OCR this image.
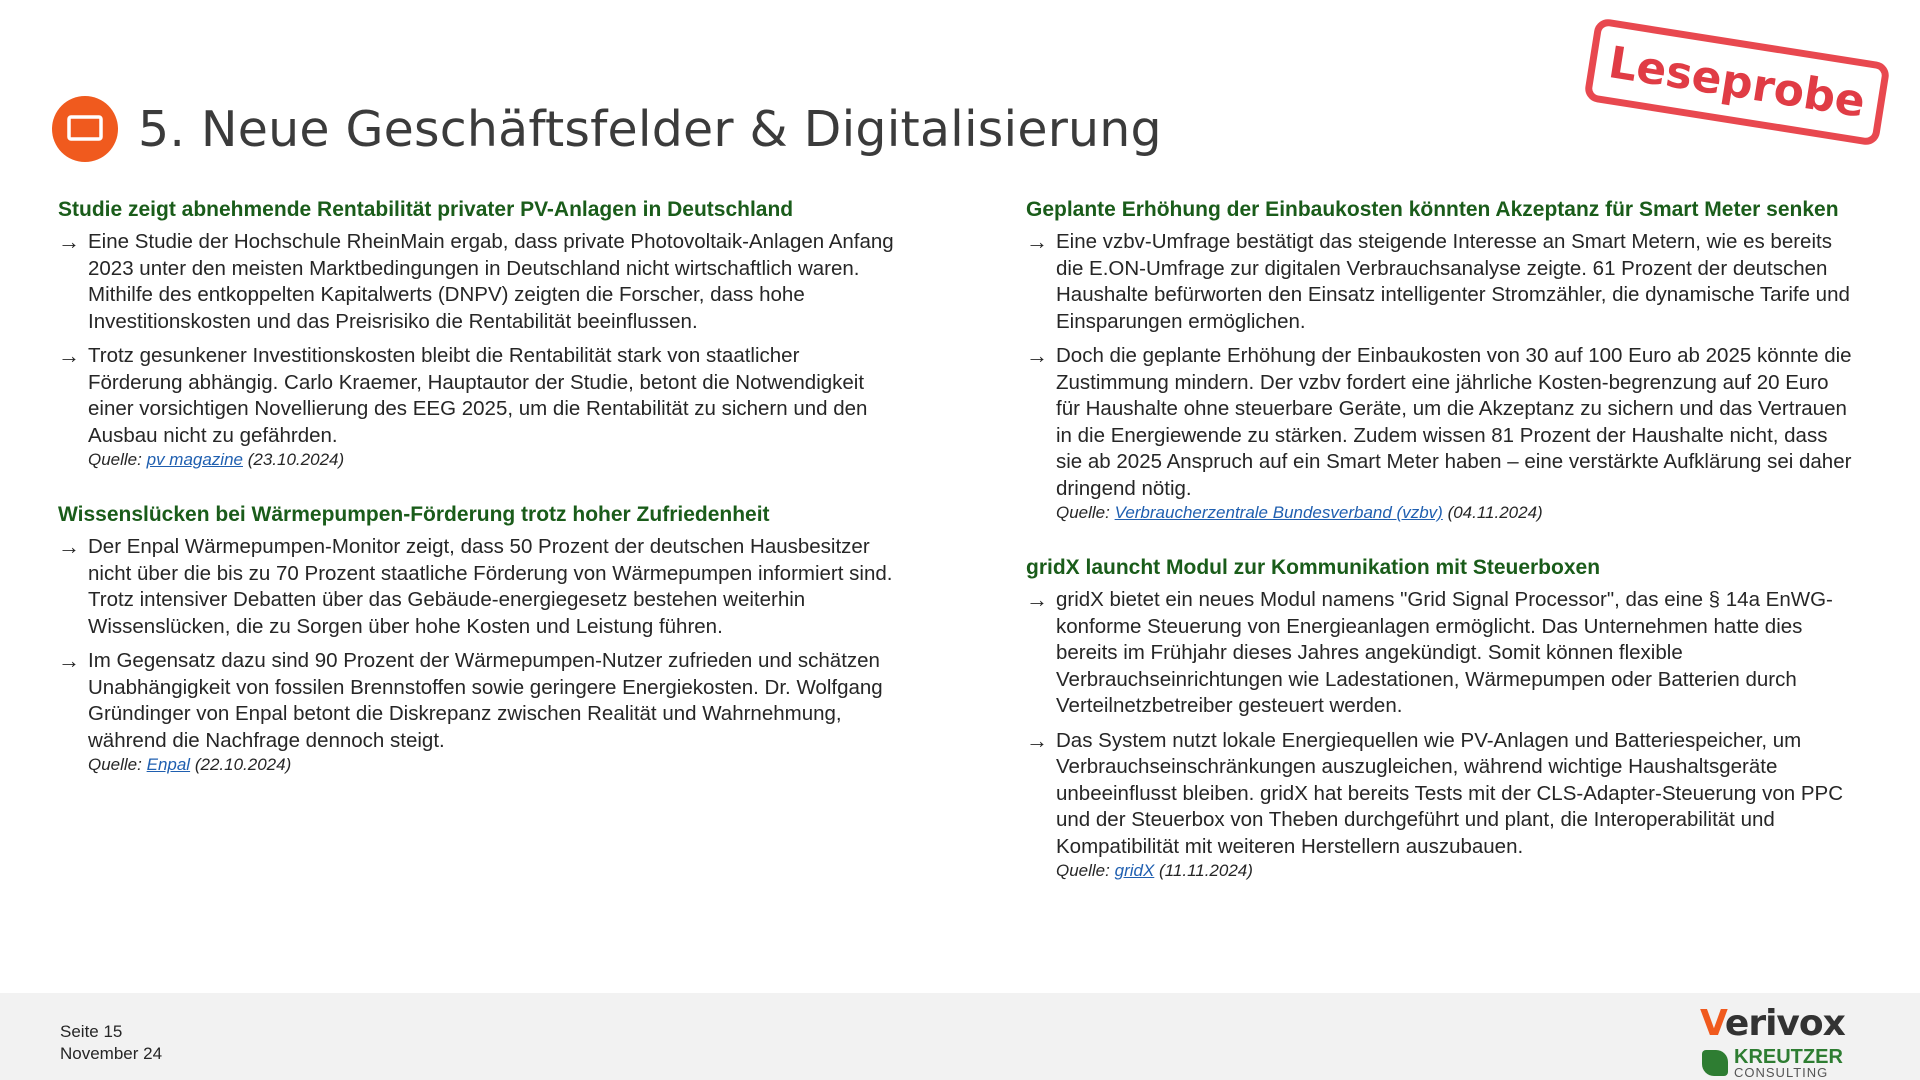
5. Neue Geschäftsfelder & Digitalisierung
Leseprobe
Studie zeigt abnehmende Rentabilität privater PV-Anlagen in Deutschland
→ Eine Studie der Hochschule RheinMain ergab, dass private Photovoltaik-Anlagen Anfang 2023 unter den meisten Marktbedingungen in Deutschland nicht wirtschaftlich waren. Mithilfe des entkoppelten Kapitalwerts (DNPV) zeigten die Forscher, dass hohe Investitionskosten und das Preisrisiko die Rentabilität beeinflussen.
→ Trotz gesunkener Investitionskosten bleibt die Rentabilität stark von staatlicher Förderung abhängig. Carlo Kraemer, Hauptautor der Studie, betont die Notwendigkeit einer vorsichtigen Novellierung des EEG 2025, um die Rentabilität zu sichern und den Ausbau nicht zu gefährden.
Quelle: pv magazine (23.10.2024)
Wissenslücken bei Wärmepumpen-Förderung trotz hoher Zufriedenheit
→ Der Enpal Wärmepumpen-Monitor zeigt, dass 50 Prozent der deutschen Hausbesitzer nicht über die bis zu 70 Prozent staatliche Förderung von Wärmepumpen informiert sind. Trotz intensiver Debatten über das Gebäude-energiegesetz bestehen weiterhin Wissenslücken, die zu Sorgen über hohe Kosten und Leistung führen.
→ Im Gegensatz dazu sind 90 Prozent der Wärmepumpen-Nutzer zufrieden und schätzen Unabhängigkeit von fossilen Brennstoffen sowie geringere Energiekosten. Dr. Wolfgang Gründinger von Enpal betont die Diskrepanz zwischen Realität und Wahrnehmung, während die Nachfrage dennoch steigt.
Quelle: Enpal (22.10.2024)
Geplante Erhöhung der Einbaukosten könnten Akzeptanz für Smart Meter senken
→ Eine vzbv-Umfrage bestätigt das steigende Interesse an Smart Metern, wie es bereits die E.ON-Umfrage zur digitalen Verbrauchsanalyse zeigte. 61 Prozent der deutschen Haushalte befürworten den Einsatz intelligenter Stromzähler, die dynamische Tarife und Einsparungen ermöglichen.
→ Doch die geplante Erhöhung der Einbaukosten von 30 auf 100 Euro ab 2025 könnte die Zustimmung mindern. Der vzbv fordert eine jährliche Kosten-begrenzung auf 20 Euro für Haushalte ohne steuerbare Geräte, um die Akzeptanz zu sichern und das Vertrauen in die Energiewende zu stärken. Zudem wissen 81 Prozent der Haushalte nicht, dass sie ab 2025 Anspruch auf ein Smart Meter haben – eine verstärkte Aufklärung sei daher dringend nötig.
Quelle: Verbraucherzentrale Bundesverband (vzbv) (04.11.2024)
gridX launcht Modul zur Kommunikation mit Steuerboxen
→ gridX bietet ein neues Modul namens "Grid Signal Processor", das eine § 14a EnWG-konforme Steuerung von Energieanlagen ermöglicht. Das Unternehmen hatte dies bereits im Frühjahr dieses Jahres angekündigt. Somit können flexible Verbrauchseinrichtungen wie Ladestationen, Wärmepumpen oder Batterien durch Verteilnetzbetreiber gesteuert werden.
→ Das System nutzt lokale Energiequellen wie PV-Anlagen und Batteriespeicher, um Verbrauchseinschränkungen auszugleichen, während wichtige Haushaltsgeräte unbeeinflusst bleiben. gridX hat bereits Tests mit der CLS-Adapter-Steuerung von PPC und der Steuerbox von Theben durchgeführt und plant, die Interoperabilität und Kompatibilität mit weiteren Herstellern auszubauen.
Quelle: gridX (11.11.2024)
Seite 15
November 24
Verivox
KREUTZER
CONSULTING
